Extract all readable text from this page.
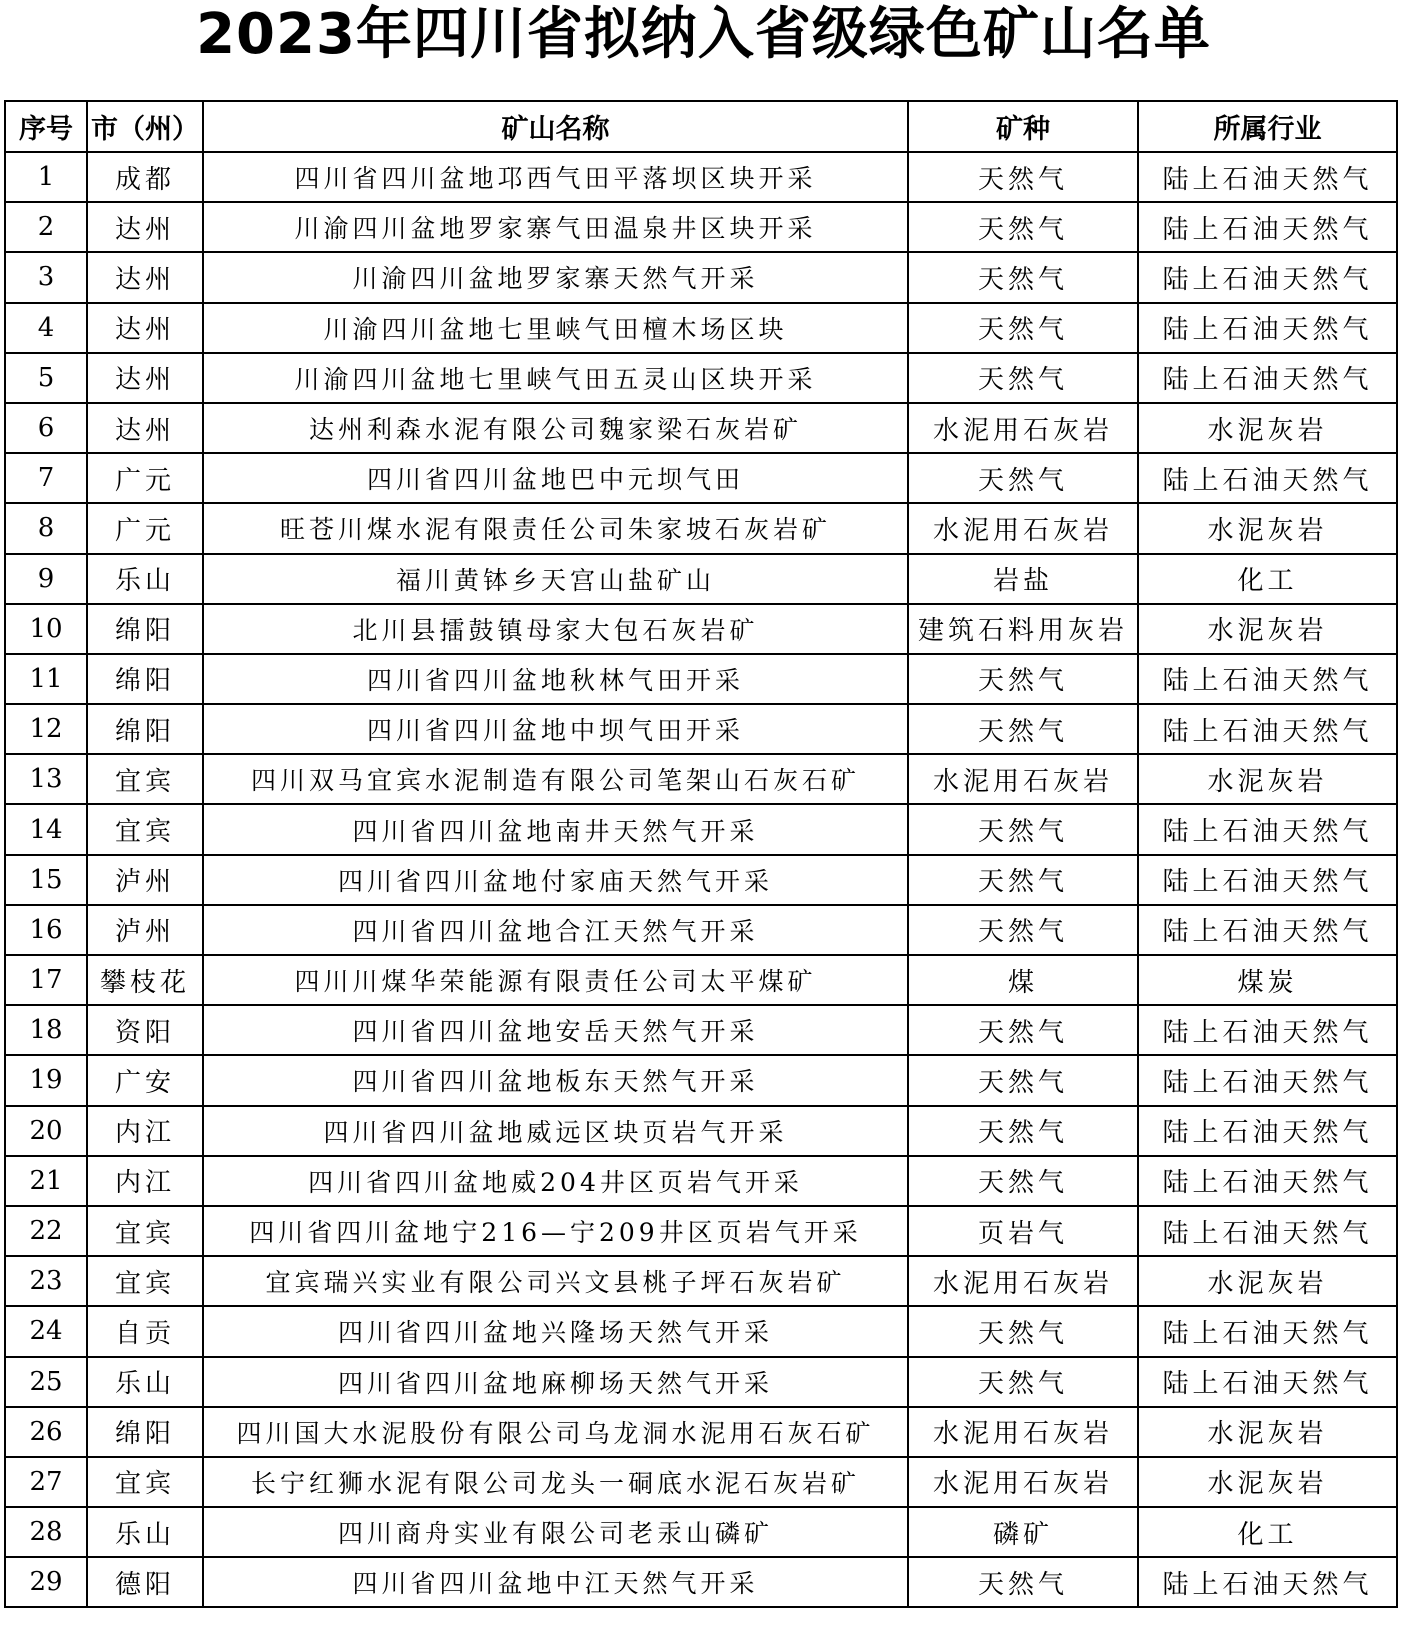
2023年四川省拟纳入省级绿色矿山名单
序号	市（州）	矿山名称	矿种	所属行业
1	成都	四川省四川盆地邛西气田平落坝区块开采	天然气	陆上石油天然气
2	达州	川渝四川盆地罗家寨气田温泉井区块开采	天然气	陆上石油天然气
3	达州	川渝四川盆地罗家寨天然气开采	天然气	陆上石油天然气
4	达州	川渝四川盆地七里峡气田檀木场区块	天然气	陆上石油天然气
5	达州	川渝四川盆地七里峡气田五灵山区块开采	天然气	陆上石油天然气
6	达州	达州利森水泥有限公司魏家梁石灰岩矿	水泥用石灰岩	水泥灰岩
7	广元	四川省四川盆地巴中元坝气田	天然气	陆上石油天然气
8	广元	旺苍川煤水泥有限责任公司朱家坡石灰岩矿	水泥用石灰岩	水泥灰岩
9	乐山	福川黄钵乡天宫山盐矿山	岩盐	化工
10	绵阳	北川县擂鼓镇母家大包石灰岩矿	建筑石料用灰岩	水泥灰岩
11	绵阳	四川省四川盆地秋林气田开采	天然气	陆上石油天然气
12	绵阳	四川省四川盆地中坝气田开采	天然气	陆上石油天然气
13	宜宾	四川双马宜宾水泥制造有限公司笔架山石灰石矿	水泥用石灰岩	水泥灰岩
14	宜宾	四川省四川盆地南井天然气开采	天然气	陆上石油天然气
15	泸州	四川省四川盆地付家庙天然气开采	天然气	陆上石油天然气
16	泸州	四川省四川盆地合江天然气开采	天然气	陆上石油天然气
17	攀枝花	四川川煤华荣能源有限责任公司太平煤矿	煤	煤炭
18	资阳	四川省四川盆地安岳天然气开采	天然气	陆上石油天然气
19	广安	四川省四川盆地板东天然气开采	天然气	陆上石油天然气
20	内江	四川省四川盆地威远区块页岩气开采	天然气	陆上石油天然气
21	内江	四川省四川盆地威204井区页岩气开采	天然气	陆上石油天然气
22	宜宾	四川省四川盆地宁216—宁209井区页岩气开采	页岩气	陆上石油天然气
23	宜宾	宜宾瑞兴实业有限公司兴文县桃子坪石灰岩矿	水泥用石灰岩	水泥灰岩
24	自贡	四川省四川盆地兴隆场天然气开采	天然气	陆上石油天然气
25	乐山	四川省四川盆地麻柳场天然气开采	天然气	陆上石油天然气
26	绵阳	四川国大水泥股份有限公司乌龙洞水泥用石灰石矿	水泥用石灰岩	水泥灰岩
27	宜宾	长宁红狮水泥有限公司龙头一硐底水泥石灰岩矿	水泥用石灰岩	水泥灰岩
28	乐山	四川商舟实业有限公司老汞山磷矿	磷矿	化工
29	德阳	四川省四川盆地中江天然气开采	天然气	陆上石油天然气
